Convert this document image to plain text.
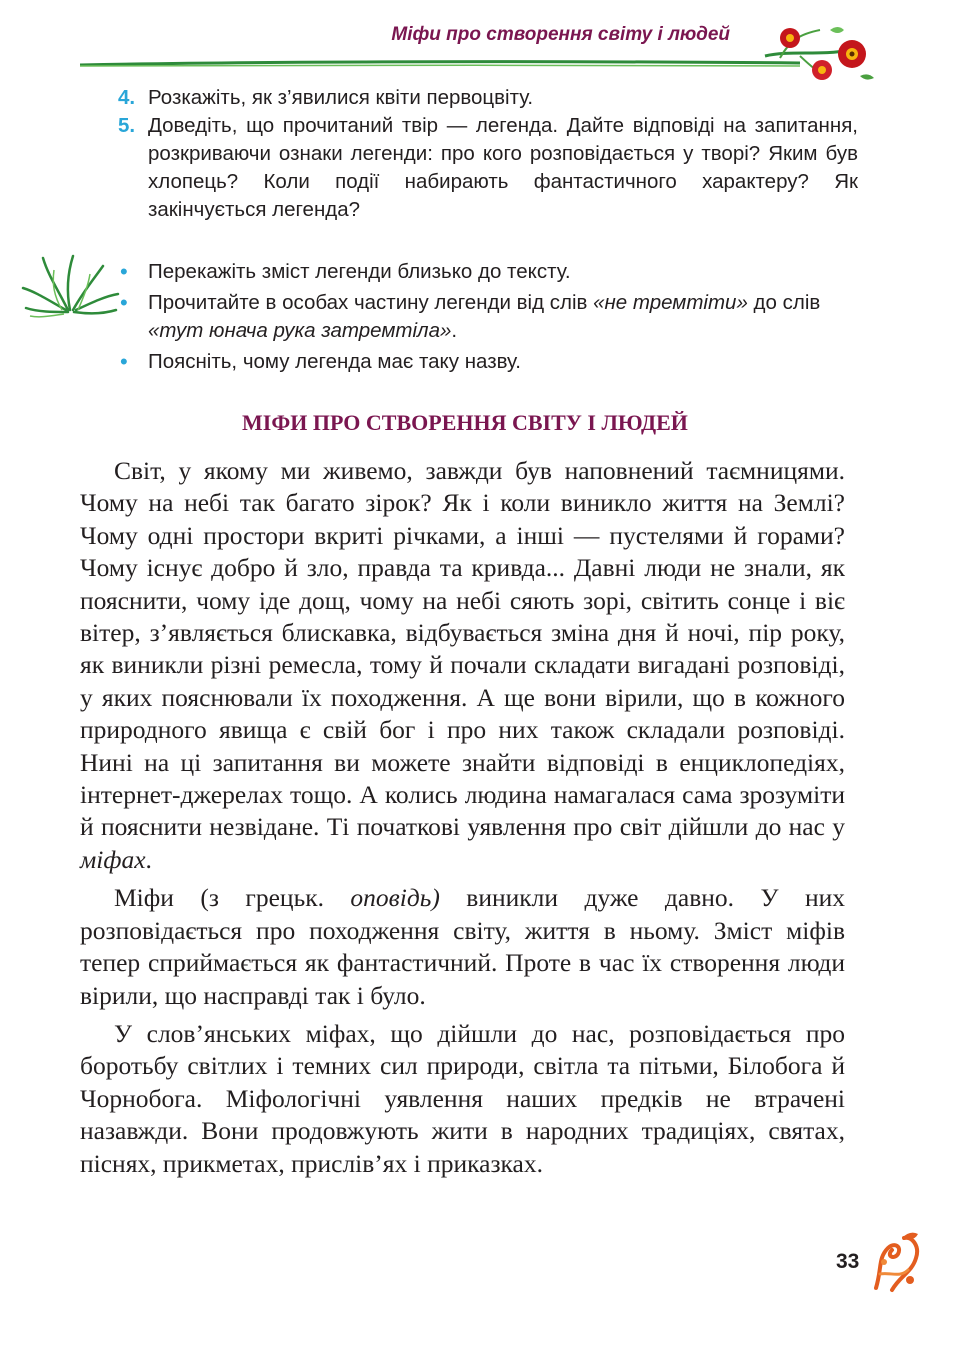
Міфи про створення світу і людей
4. Розкажіть, як з’явилися квіти первоцвіту.
5. Доведіть, що прочитаний твір — легенда. Дайте відповіді на запитання, розкриваючи ознаки легенди: про кого розповідається у творі? Яким був хлопець? Коли події набирають фантастичного характеру? Як закінчується легенда?
• Перекажіть зміст легенди близько до тексту.
• Прочитайте в особах частину легенди від слів «не тремтіти» до слів «тут юнача рука затремтіла».
• Поясніть, чому легенда має таку назву.
МІФИ ПРО СТВОРЕННЯ СВІТУ І ЛЮДЕЙ

Світ, у якому ми живемо, завжди був наповнений таємницями. Чому на небі так багато зірок? Як і коли виникло життя на Землі? Чому одні простори вкриті річками, а інші — пустелями й горами? Чому існує добро й зло, правда та кривда... Давні люди не знали, як пояснити, чому іде дощ, чому на небі сяють зорі, світить сонце і віє вітер, з’являється блискавка, відбувається зміна дня й ночі, пір року, як виникли різні ремесла, тому й почали складати вигадані розповіді, у яких пояснювали їх походження. А ще вони вірили, що в кожного природного явища є свій бог і про них також складали розповіді. Нині на ці запитання ви можете знайти відповіді в енциклопедіях, інтернет-джерелах тощо. А колись людина намагалася сама зрозуміти й пояснити незвідане. Ті початкові уявлення про світ дійшли до нас у міфах.

Міфи (з грецьк. оповідь) виникли дуже давно. У них розповідається про походження світу, життя в ньому. Зміст міфів тепер сприймається як фантастичний. Проте в час їх створення люди вірили, що насправді так і було.

У слов’янських міфах, що дійшли до нас, розповідається про боротьбу світлих і темних сил природи, світла та пітьми, Білобога й Чорнобога. Міфологічні уявлення наших предків не втрачені назавжди. Вони продовжують жити в народних традиціях, святах, піснях, прикметах, прислів’ях і приказках.

33
